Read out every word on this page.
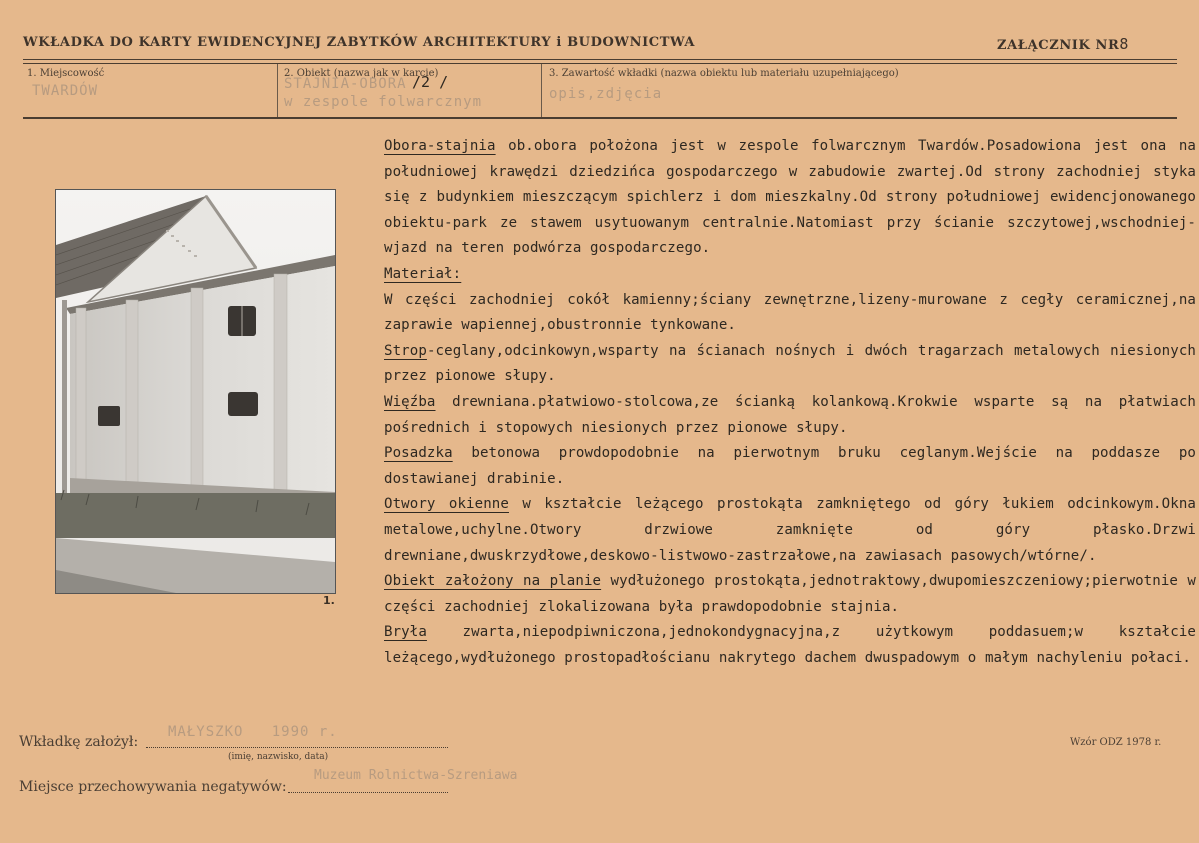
WKŁADKA DO KARTY EWIDENCYJNEJ ZABYTKÓW ARCHITEKTURY i BUDOWNICTWA	ZAŁĄCZNIK NR8
1. Miejscowość
TWARDÓW
2. Obiekt (nazwa jak w karcie)
STAJNIA-OBORA /2 /
w zespole folwarcznym
3. Zawartość wkładki (nazwa obiektu lub materiału uzupełniającego)
opis,zdjęcia
1.

Obora-stajnia ob.obora położona jest w zespole folwarcznym Twardów.Posadowiona jest ona na południowej krawędzi dziedzińca gospodarczego w zabudowie zwartej.Od strony zachodniej styka się z budynkiem mieszczącym spichlerz i dom mieszkalny.Od strony południowej ewidencjonowanego obiektu-park ze stawem usytuowanym centralnie.Natomiast przy ścianie szczytowej,wschodniej-wjazd na teren podwórza gospodarczego.

Materiał:

W części zachodniej cokół kamienny;ściany zewnętrzne,lizeny-murowane z cegły ceramicznej,na zaprawie wapiennej,obustronnie tynkowane.

Strop-ceglany,odcinkowyn,wsparty na ścianach nośnych i dwóch tragarzach metalowych niesionych przez pionowe słupy.

Więźba drewniana.płatwiowo-stolcowa,ze ścianką kolankową.Krokwie wsparte są na płatwiach pośrednich i stopowych niesionych przez pionowe słupy.

Posadzka betonowa prowdopodobnie na pierwotnym bruku ceglanym.Wejście na poddasze po dostawianej drabinie.

Otwory okienne w kształcie leżącego prostokąta zamkniętego od góry łukiem odcinkowym.Okna metalowe,uchylne.Otwory drzwiowe zamknięte od góry płasko.Drzwi drewniane,dwuskrzydłowe,deskowo-listwowo-zastrzałowe,na zawiasach pasowych/wtórne/.

Obiekt założony na planie wydłużonego prostokąta,jednotraktowy,dwupomieszczeniowy;pierwotnie w części zachodniej zlokalizowana była prawdopodobnie stajnia.

Bryła zwarta,niepodpiwniczona,jednokondygnacyjna,z użytkowym poddasuem;w kształcie leżącego,wydłużonego prostopadłościanu nakrytego dachem dwuspadowym o małym nachyleniu połaci.

Wkładkę założył:
MAŁYSZKO   1990 r.
(imię, nazwisko, data)
Miejsce przechowywania negatywów:
Muzeum Rolnictwa-Szreniawa
Wzór ODZ 1978 r.
